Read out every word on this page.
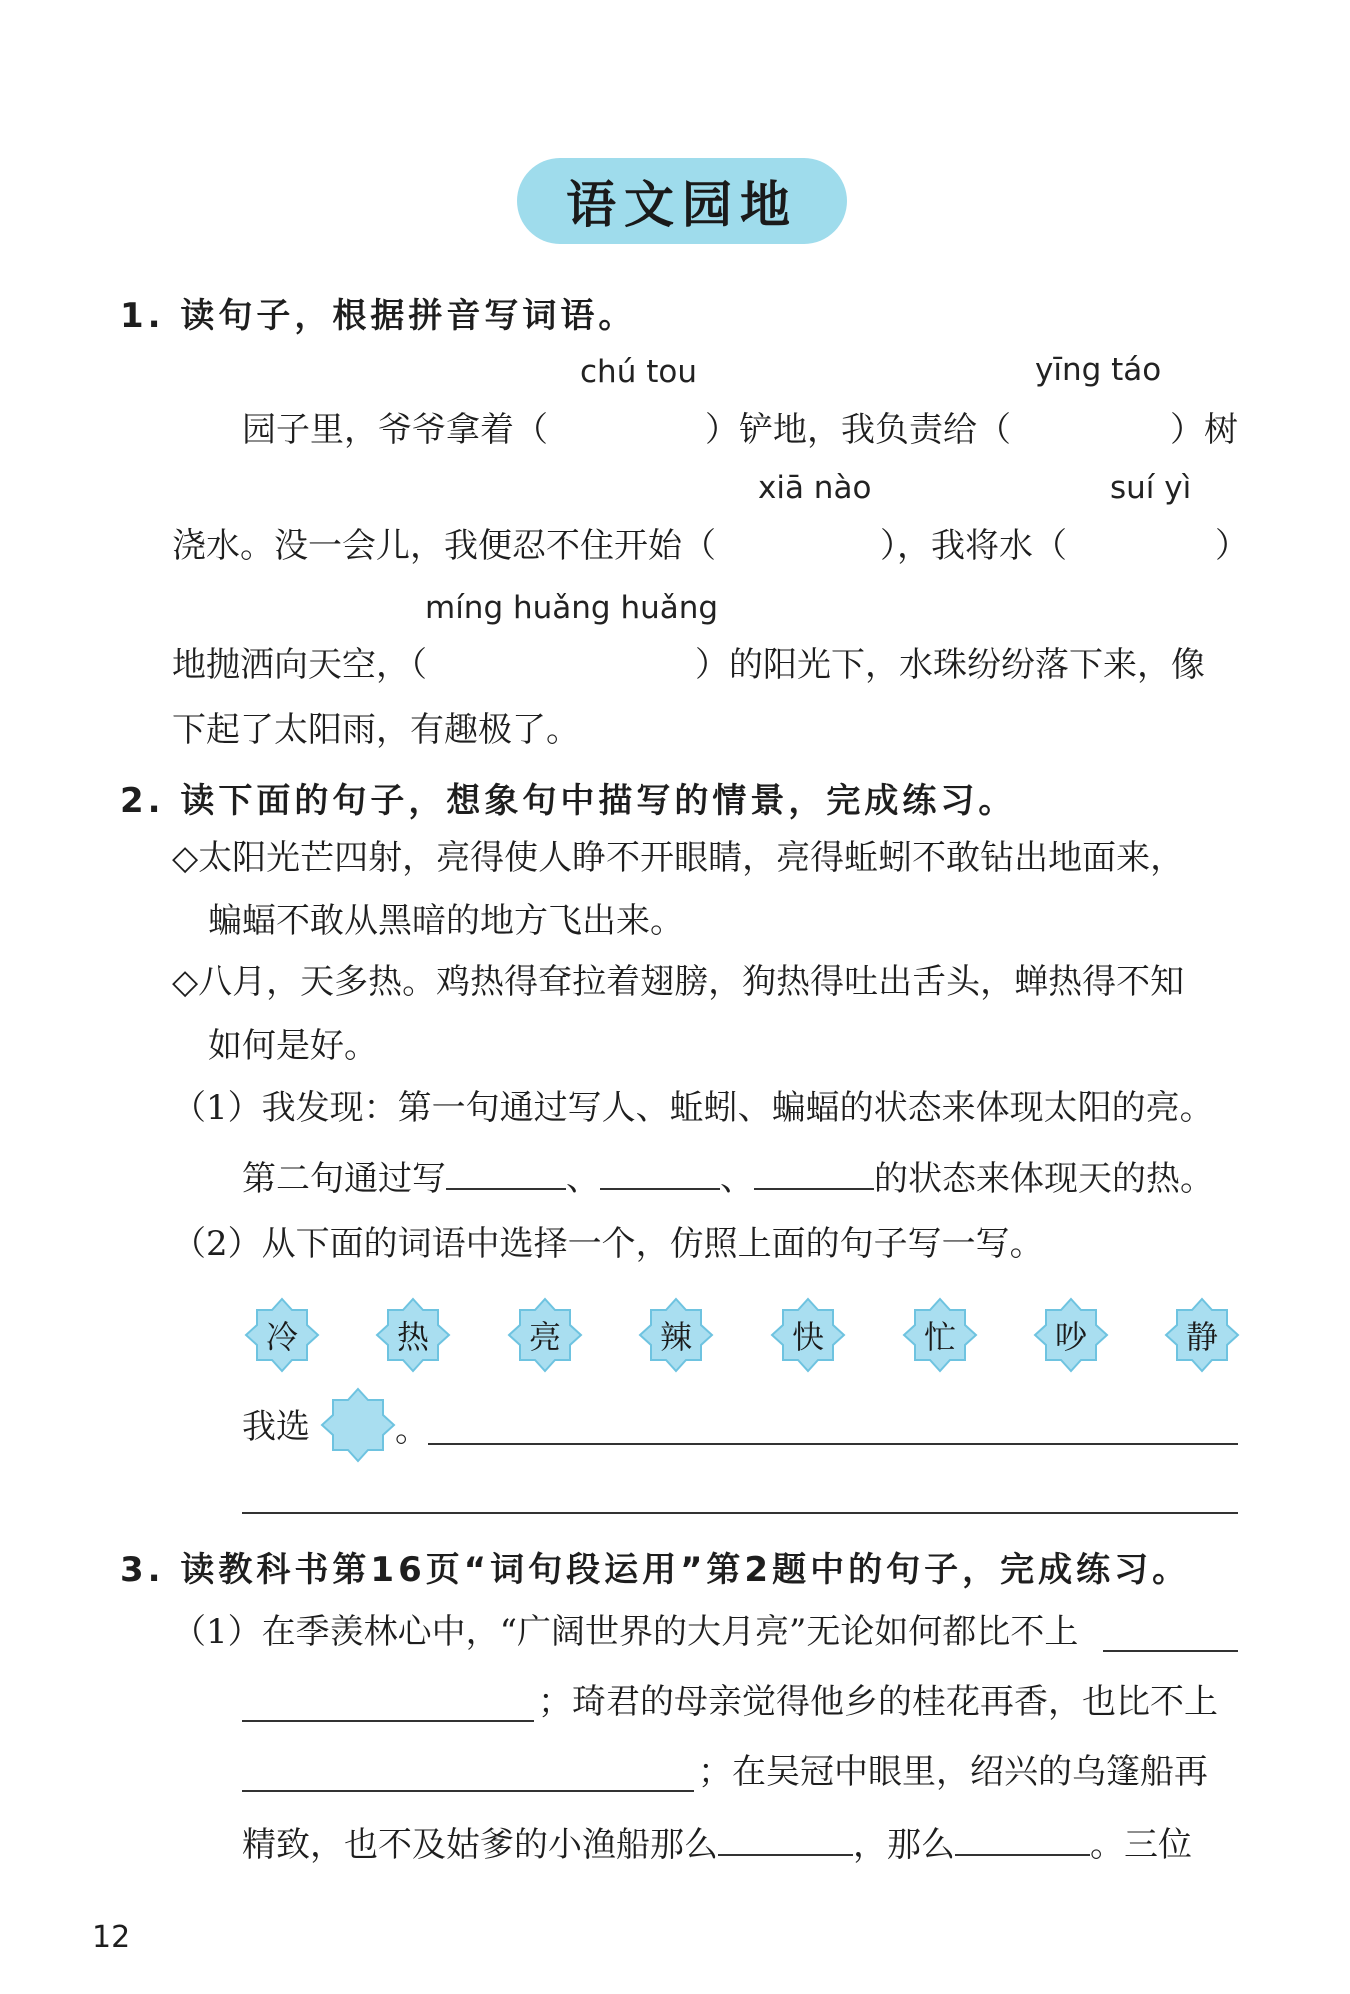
语文园地
1. 读句子，根据拼音写词语。
chú tou	yīng táo
园子里，爷爷拿着（	）铲地，我负责给（	）树
xiā nào	suí yì
浇水。没一会儿，我便忍不住开始（	），我将水（	）
míng huǎng huǎng
地抛洒向天空，（	）的阳光下，水珠纷纷落下来，像
下起了太阳雨，有趣极了。
2. 读下面的句子，想象句中描写的情景，完成练习。
◇太阳光芒四射，亮得使人睁不开眼睛，亮得蚯蚓不敢钻出地面来，
蝙蝠不敢从黑暗的地方飞出来。
◇八月，天多热。鸡热得耷拉着翅膀，狗热得吐出舌头，蝉热得不知
如何是好。
（1）我发现：第一句通过写人、蚯蚓、蝙蝠的状态来体现太阳的亮。
第二句通过写	、	、	的状态来体现天的热。
（2）从下面的词语中选择一个，仿照上面的句子写一写。
冷	热	亮	辣	快	忙	吵	静
我选	。
3. 读教科书第16页“词句段运用”第2题中的句子，完成练习。
（1）在季羡林心中，“广阔世界的大月亮”无论如何都比不上
；琦君的母亲觉得他乡的桂花再香，也比不上
；在吴冠中眼里，绍兴的乌篷船再
精致，也不及姑爹的小渔船那么	，那么	。三位
12
